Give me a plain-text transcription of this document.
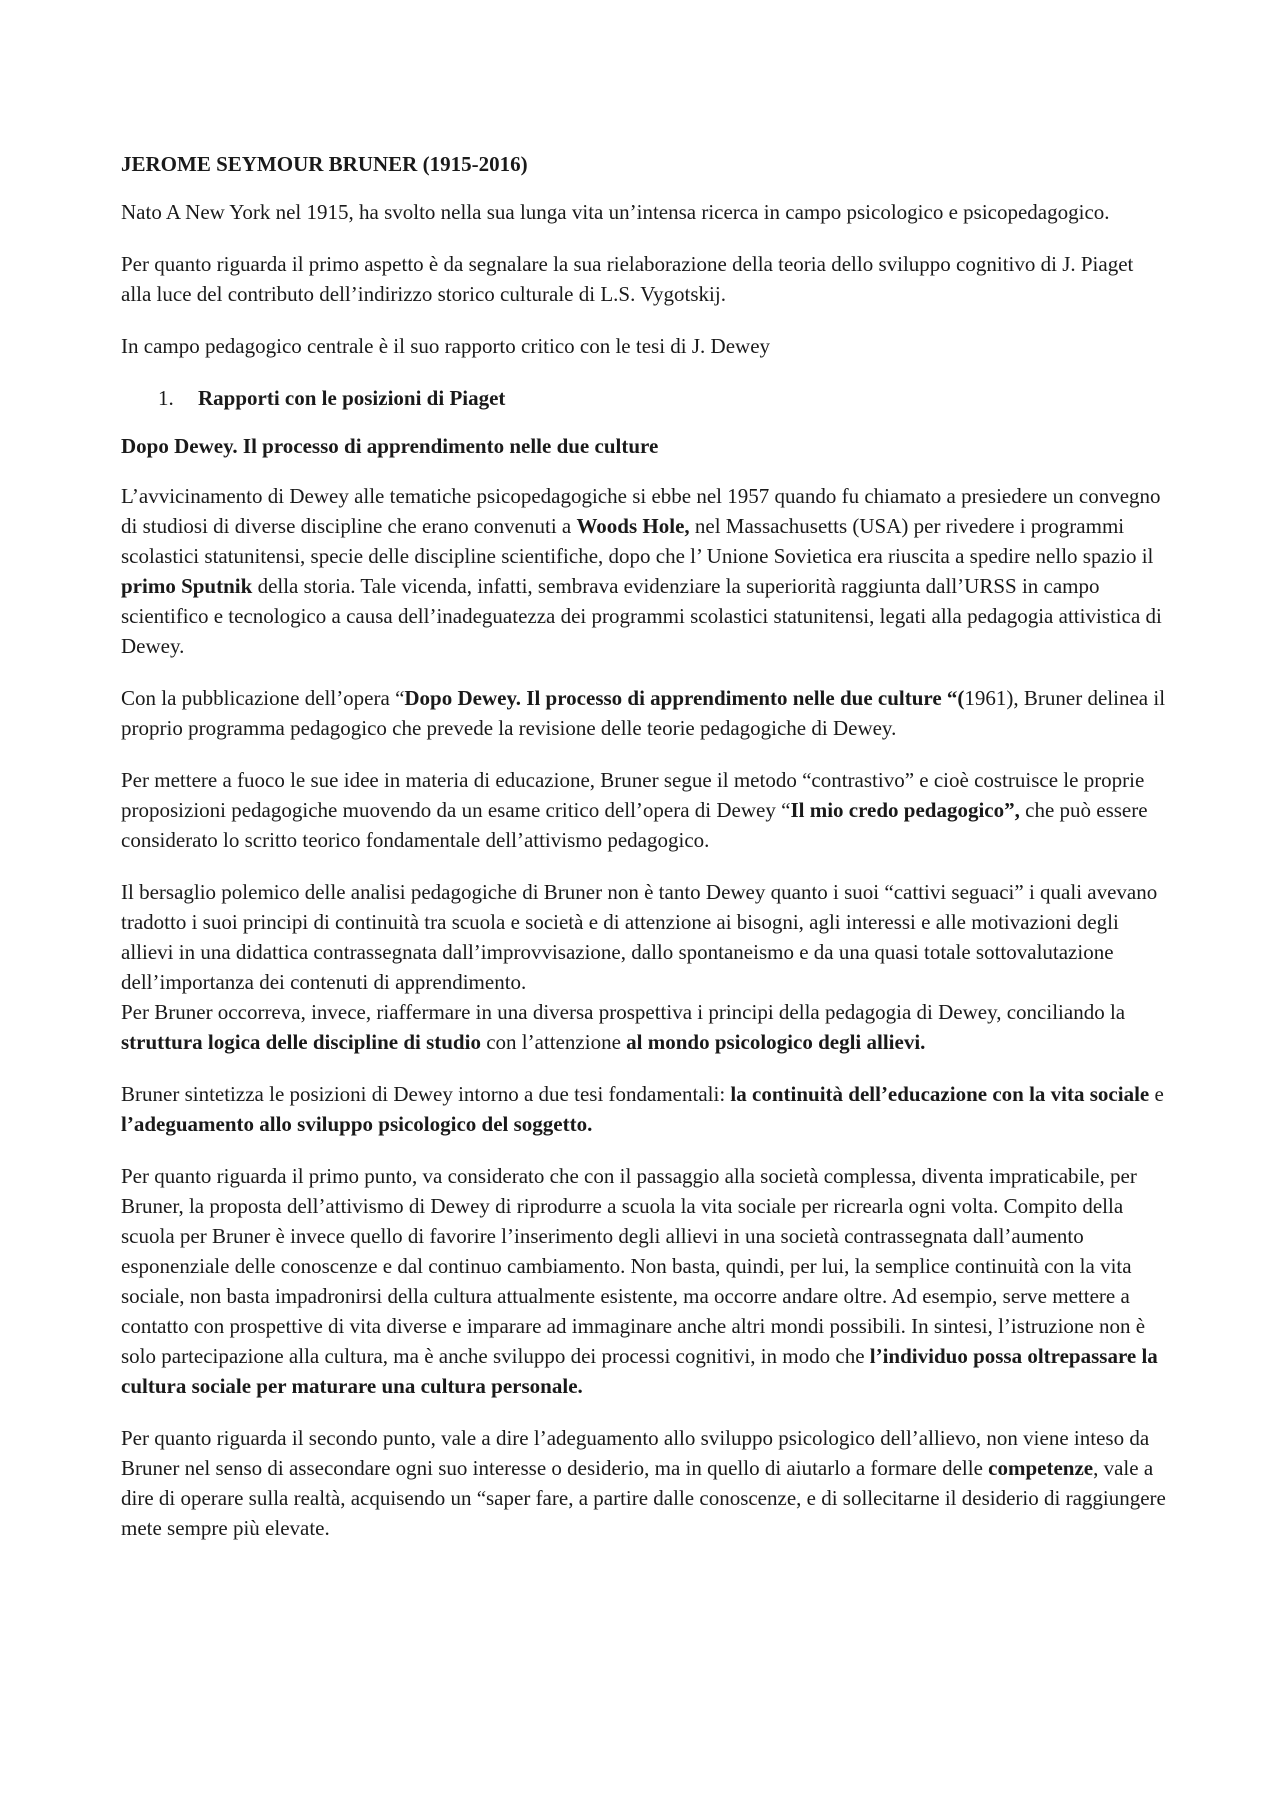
JEROME SEYMOUR BRUNER (1915-2016)

Nato A New York nel 1915, ha svolto nella sua lunga vita un’intensa ricerca in campo psicologico e psicopedagogico.

Per quanto riguarda il primo aspetto è da segnalare la sua rielaborazione della teoria dello sviluppo cognitivo di J. Piaget alla luce del contributo dell’indirizzo storico culturale di L.S. Vygotskij.

In campo pedagogico centrale è il suo rapporto critico con le tesi di J. Dewey

1. Rapporti con le posizioni di Piaget
Dopo Dewey. Il processo di apprendimento nelle due culture

L’avvicinamento di Dewey alle tematiche psicopedagogiche si ebbe nel 1957 quando fu chiamato a presiedere un convegno di studiosi di diverse discipline che erano convenuti a Woods Hole, nel Massachusetts (USA) per rivedere i programmi scolastici statunitensi, specie delle discipline scientifiche, dopo che l’ Unione Sovietica era riuscita a spedire nello spazio il primo Sputnik della storia. Tale vicenda, infatti, sembrava evidenziare la superiorità raggiunta dall’URSS in campo scientifico e tecnologico a causa dell’inadeguatezza dei programmi scolastici statunitensi, legati alla pedagogia attivistica di Dewey.

Con la pubblicazione dell’opera “Dopo Dewey. Il processo di apprendimento nelle due culture “(1961), Bruner delinea il proprio programma pedagogico che prevede la revisione delle teorie pedagogiche di Dewey.

Per mettere a fuoco le sue idee in materia di educazione, Bruner segue il metodo “contrastivo” e cioè costruisce le proprie proposizioni pedagogiche muovendo da un esame critico dell’opera di Dewey “Il mio credo pedagogico”, che può essere considerato lo scritto teorico fondamentale dell’attivismo pedagogico.

Il bersaglio polemico delle analisi pedagogiche di Bruner non è tanto Dewey quanto i suoi “cattivi seguaci” i quali avevano tradotto i suoi principi di continuità tra scuola e società e di attenzione ai bisogni, agli interessi e alle motivazioni degli allievi in una didattica contrassegnata dall’improvvisazione, dallo spontaneismo e da una quasi totale sottovalutazione dell’importanza dei contenuti di apprendimento.

Per Bruner occorreva, invece, riaffermare in una diversa prospettiva i principi della pedagogia di Dewey, conciliando la struttura logica delle discipline di studio con l’attenzione al mondo psicologico degli allievi.

Bruner sintetizza le posizioni di Dewey intorno a due tesi fondamentali: la continuità dell’educazione con la vita sociale e l’adeguamento allo sviluppo psicologico del soggetto.

Per quanto riguarda il primo punto, va considerato che con il passaggio alla società complessa, diventa impraticabile, per Bruner, la proposta dell’attivismo di Dewey di riprodurre a scuola la vita sociale per ricrearla ogni volta. Compito della scuola per Bruner è invece quello di favorire l’inserimento degli allievi in una società contrassegnata dall’aumento esponenziale delle conoscenze e dal continuo cambiamento. Non basta, quindi, per lui, la semplice continuità con la vita sociale, non basta impadronirsi della cultura attualmente esistente, ma occorre andare oltre. Ad esempio, serve mettere a contatto con prospettive di vita diverse e imparare ad immaginare anche altri mondi possibili. In sintesi, l’istruzione non è solo partecipazione alla cultura, ma è anche sviluppo dei processi cognitivi, in modo che l’individuo possa oltrepassare la cultura sociale per maturare una cultura personale.

Per quanto riguarda il secondo punto, vale a dire l’adeguamento allo sviluppo psicologico dell’allievo, non viene inteso da Bruner nel senso di assecondare ogni suo interesse o desiderio, ma in quello di aiutarlo a formare delle competenze, vale a dire di operare sulla realtà, acquisendo un “saper fare, a partire dalle conoscenze, e di sollecitarne il desiderio di raggiungere mete sempre più elevate.
